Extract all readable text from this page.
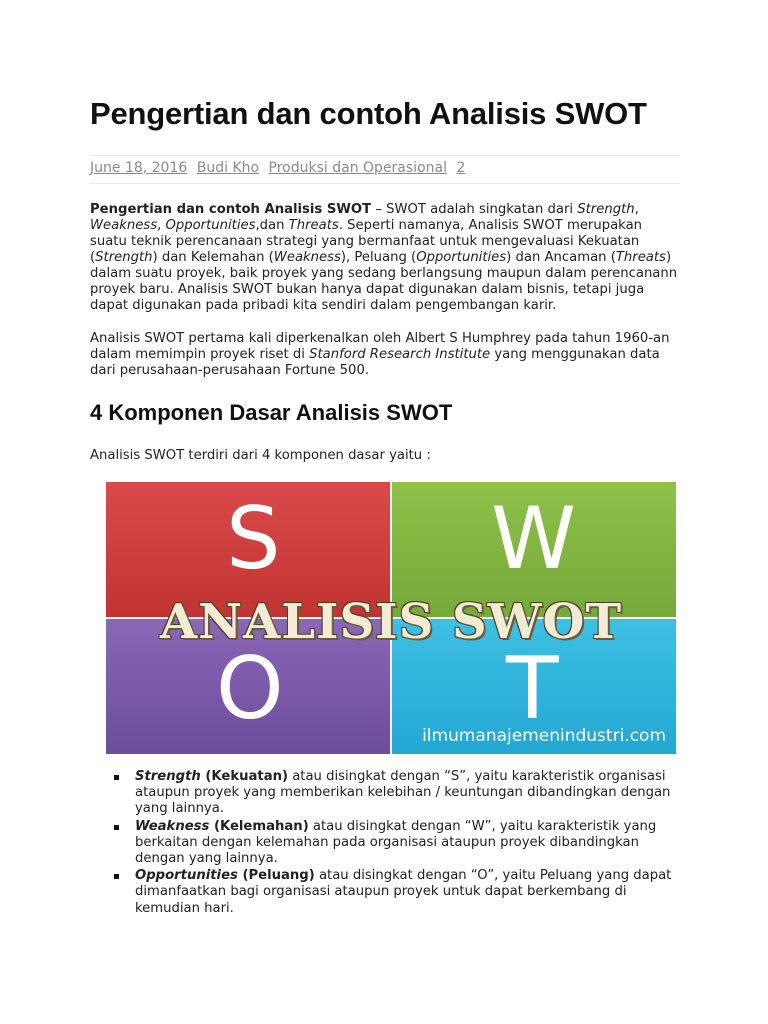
Pengertian dan contoh Analisis SWOT
June 18, 2016 Budi Kho Produksi dan Operasional 2

Pengertian dan contoh Analisis SWOT – SWOT adalah singkatan dari Strength, Weakness, Opportunities,dan Threats. Seperti namanya, Analisis SWOT merupakan suatu teknik perencanaan strategi yang bermanfaat untuk mengevaluasi Kekuatan (Strength) dan Kelemahan (Weakness), Peluang (Opportunities) dan Ancaman (Threats) dalam suatu proyek, baik proyek yang sedang berlangsung maupun dalam perencanann proyek baru. Analisis SWOT bukan hanya dapat digunakan dalam bisnis, tetapi juga dapat digunakan pada pribadi kita sendiri dalam pengembangan karir.

Analisis SWOT pertama kali diperkenalkan oleh Albert S Humphrey pada tahun 1960-an dalam memimpin proyek riset di Stanford Research Institute yang menggunakan data dari perusahaan-perusahaan Fortune 500.

4 Komponen Dasar Analisis SWOT

Analisis SWOT terdiri dari 4 komponen dasar yaitu :

S W
O	T
ANALISIS SWOT
ilmumanajemenindustri.com
Strength (Kekuatan) atau disingkat dengan “S”, yaitu karakteristik organisasi ataupun proyek yang memberikan kelebihan / keuntungan dibandingkan dengan yang lainnya.
Weakness (Kelemahan) atau disingkat dengan “W”, yaitu karakteristik yang berkaitan dengan kelemahan pada organisasi ataupun proyek dibandingkan dengan yang lainnya.
Opportunities (Peluang) atau disingkat dengan “O”, yaitu Peluang yang dapat dimanfaatkan bagi organisasi ataupun proyek untuk dapat berkembang di kemudian hari.
